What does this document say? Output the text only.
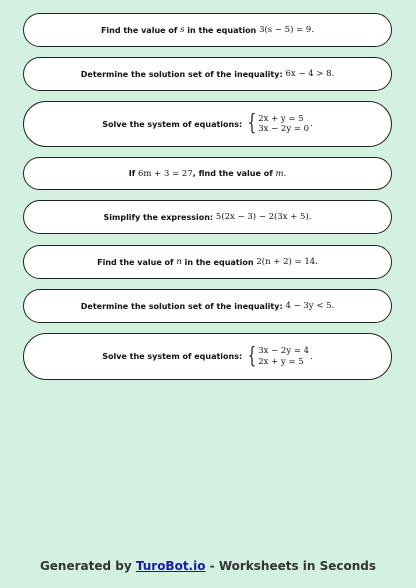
Find the value of
s
in the equation
3(s − 5) = 9 .
Determine the solution set of the inequality:
6x − 4 > 8 .
Solve the system of equations: { 2x + y = 5
3x − 2y = 0 .
If
6m + 3 = 27 , find the value of
m .
Simplify the expression:
5(2x − 3) − 2(3x + 5) .
Find the value of
n
in the equation
2(n + 2) = 14 .
Determine the solution set of the inequality:
4 − 3y < 5 .
Solve the system of equations: { 3x − 2y = 4
2x + y = 5 .
Generated by TuroBot.io - Worksheets in Seconds
